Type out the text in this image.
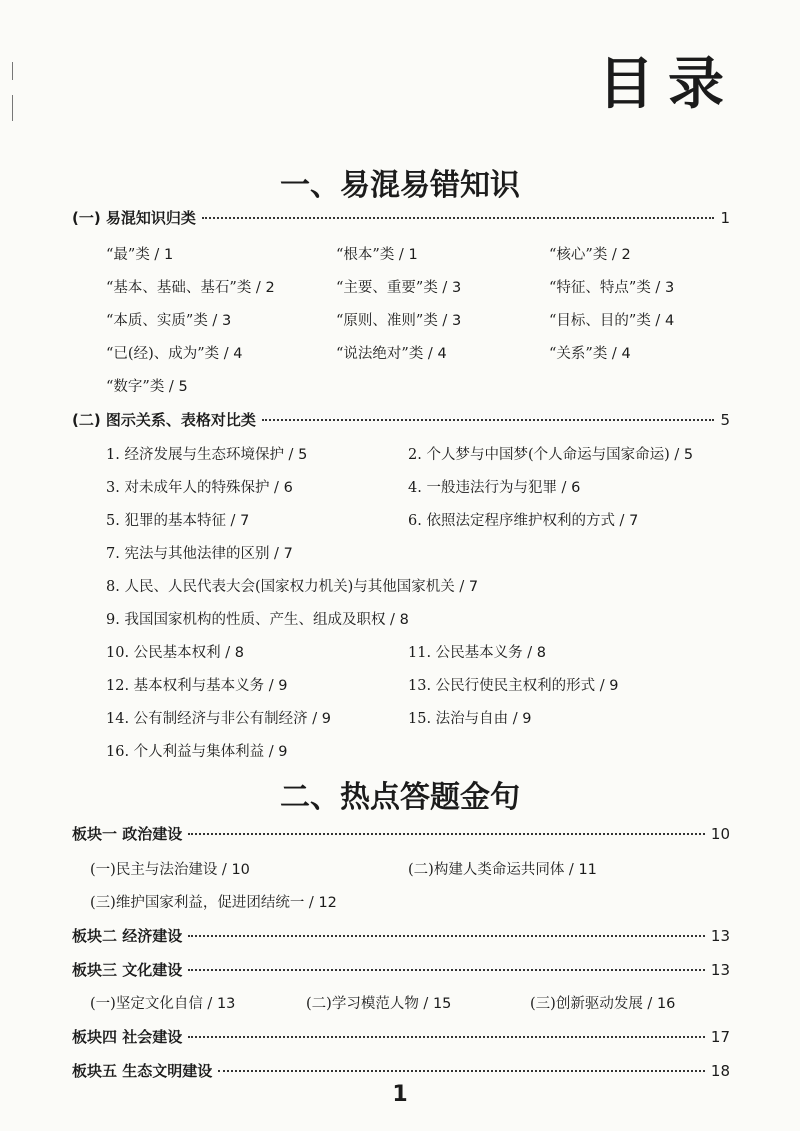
目录
一、易混易错知识
(一) 易混知识归类	1
“最”类 / 1	“根本”类 / 1	“核心”类 / 2
“基本、基础、基石”类 / 2	“主要、重要”类 / 3	“特征、特点”类 / 3
“本质、实质”类 / 3	“原则、准则”类 / 3	“目标、目的”类 / 4
“已(经)、成为”类 / 4	“说法绝对”类 / 4	“关系”类 / 4
“数字”类 / 5
(二) 图示关系、表格对比类	5
1. 经济发展与生态环境保护 / 5	2. 个人梦与中国梦(个人命运与国家命运) / 5
3. 对未成年人的特殊保护 / 6	4. 一般违法行为与犯罪 / 6
5. 犯罪的基本特征 / 7	6. 依照法定程序维护权利的方式 / 7
7. 宪法与其他法律的区别 / 7
8. 人民、人民代表大会(国家权力机关)与其他国家机关 / 7
9. 我国国家机构的性质、产生、组成及职权 / 8
10. 公民基本权利 / 8	11. 公民基本义务 / 8
12. 基本权利与基本义务 / 9	13. 公民行使民主权利的形式 / 9
14. 公有制经济与非公有制经济 / 9	15. 法治与自由 / 9
16. 个人利益与集体利益 / 9
二、热点答题金句
板块一 政治建设	10
(一)民主与法治建设 / 10	(二)构建人类命运共同体 / 11
(三)维护国家利益，促进团结统一 / 12
板块二 经济建设	13
板块三 文化建设	13
(一)坚定文化自信 / 13	(二)学习模范人物 / 15	(三)创新驱动发展 / 16
板块四 社会建设	17
板块五 生态文明建设	18
1
